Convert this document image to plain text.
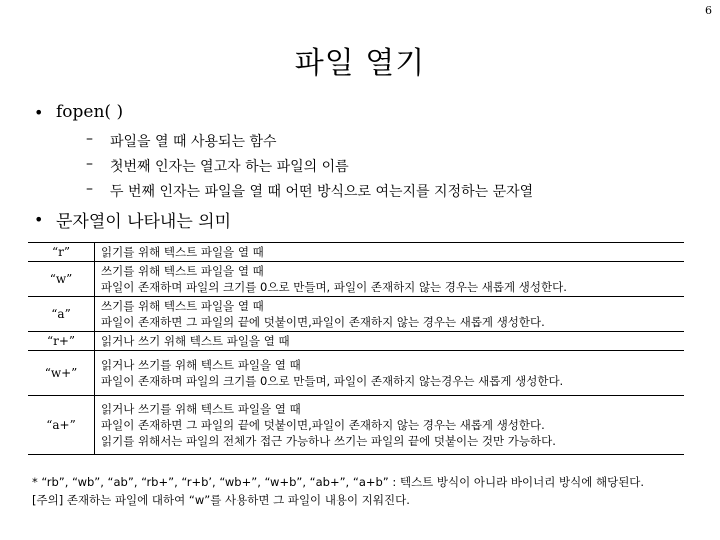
6
파일 열기
• fopen( )
–	파일을 열 때 사용되는 함수
–	첫번째 인자는 열고자 하는 파일의 이름
–	두 번째 인자는 파일을 열 때 어떤 방식으로 여는지를 지정하는 문자열
• 문자열이 나타내는 의미
“r”	읽기를 위해 텍스트 파일을 열 때

“w”	쓰기를 위해 텍스트 파일을 열 때
파일이 존재하며 파일의 크기를 0으로 만들며, 파일이 존재하지 않는 경우는 새롭게 생성한다.

“a”	쓰기를 위해 텍스트 파일을 열 때
파일이 존재하면 그 파일의 끝에 덧붙이면,파일이 존재하지 않는 경우는 새롭게 생성한다.

“r+”	읽거나 쓰기 위해 텍스트 파일을 열 때

“w+”	읽거나 쓰기를 위해 텍스트 파일을 열 때
파일이 존재하며 파일의 크기를 0으로 만들며, 파일이 존재하지 않는경우는 새롭게 생성한다.

“a+”	읽거나 쓰기를 위해 텍스트 파일을 열 때
파일이 존재하면 그 파일의 끝에 덧붙이면,파일이 존재하지 않는 경우는 새롭게 생성한다.
읽기를 위해서는 파일의 전체가 접근 가능하나 쓰기는 파일의 끝에 덧붙이는 것만 가능하다.
* “rb”, “wb”, “ab”, “rb+”, “r+b’, “wb+”, “w+b”, “ab+”, “a+b” : 텍스트 방식이 아니라 바이너리 방식에 해당된다.
[주의] 존재하는 파일에 대하여 “w”를 사용하면 그 파일이 내용이 지워진다.
